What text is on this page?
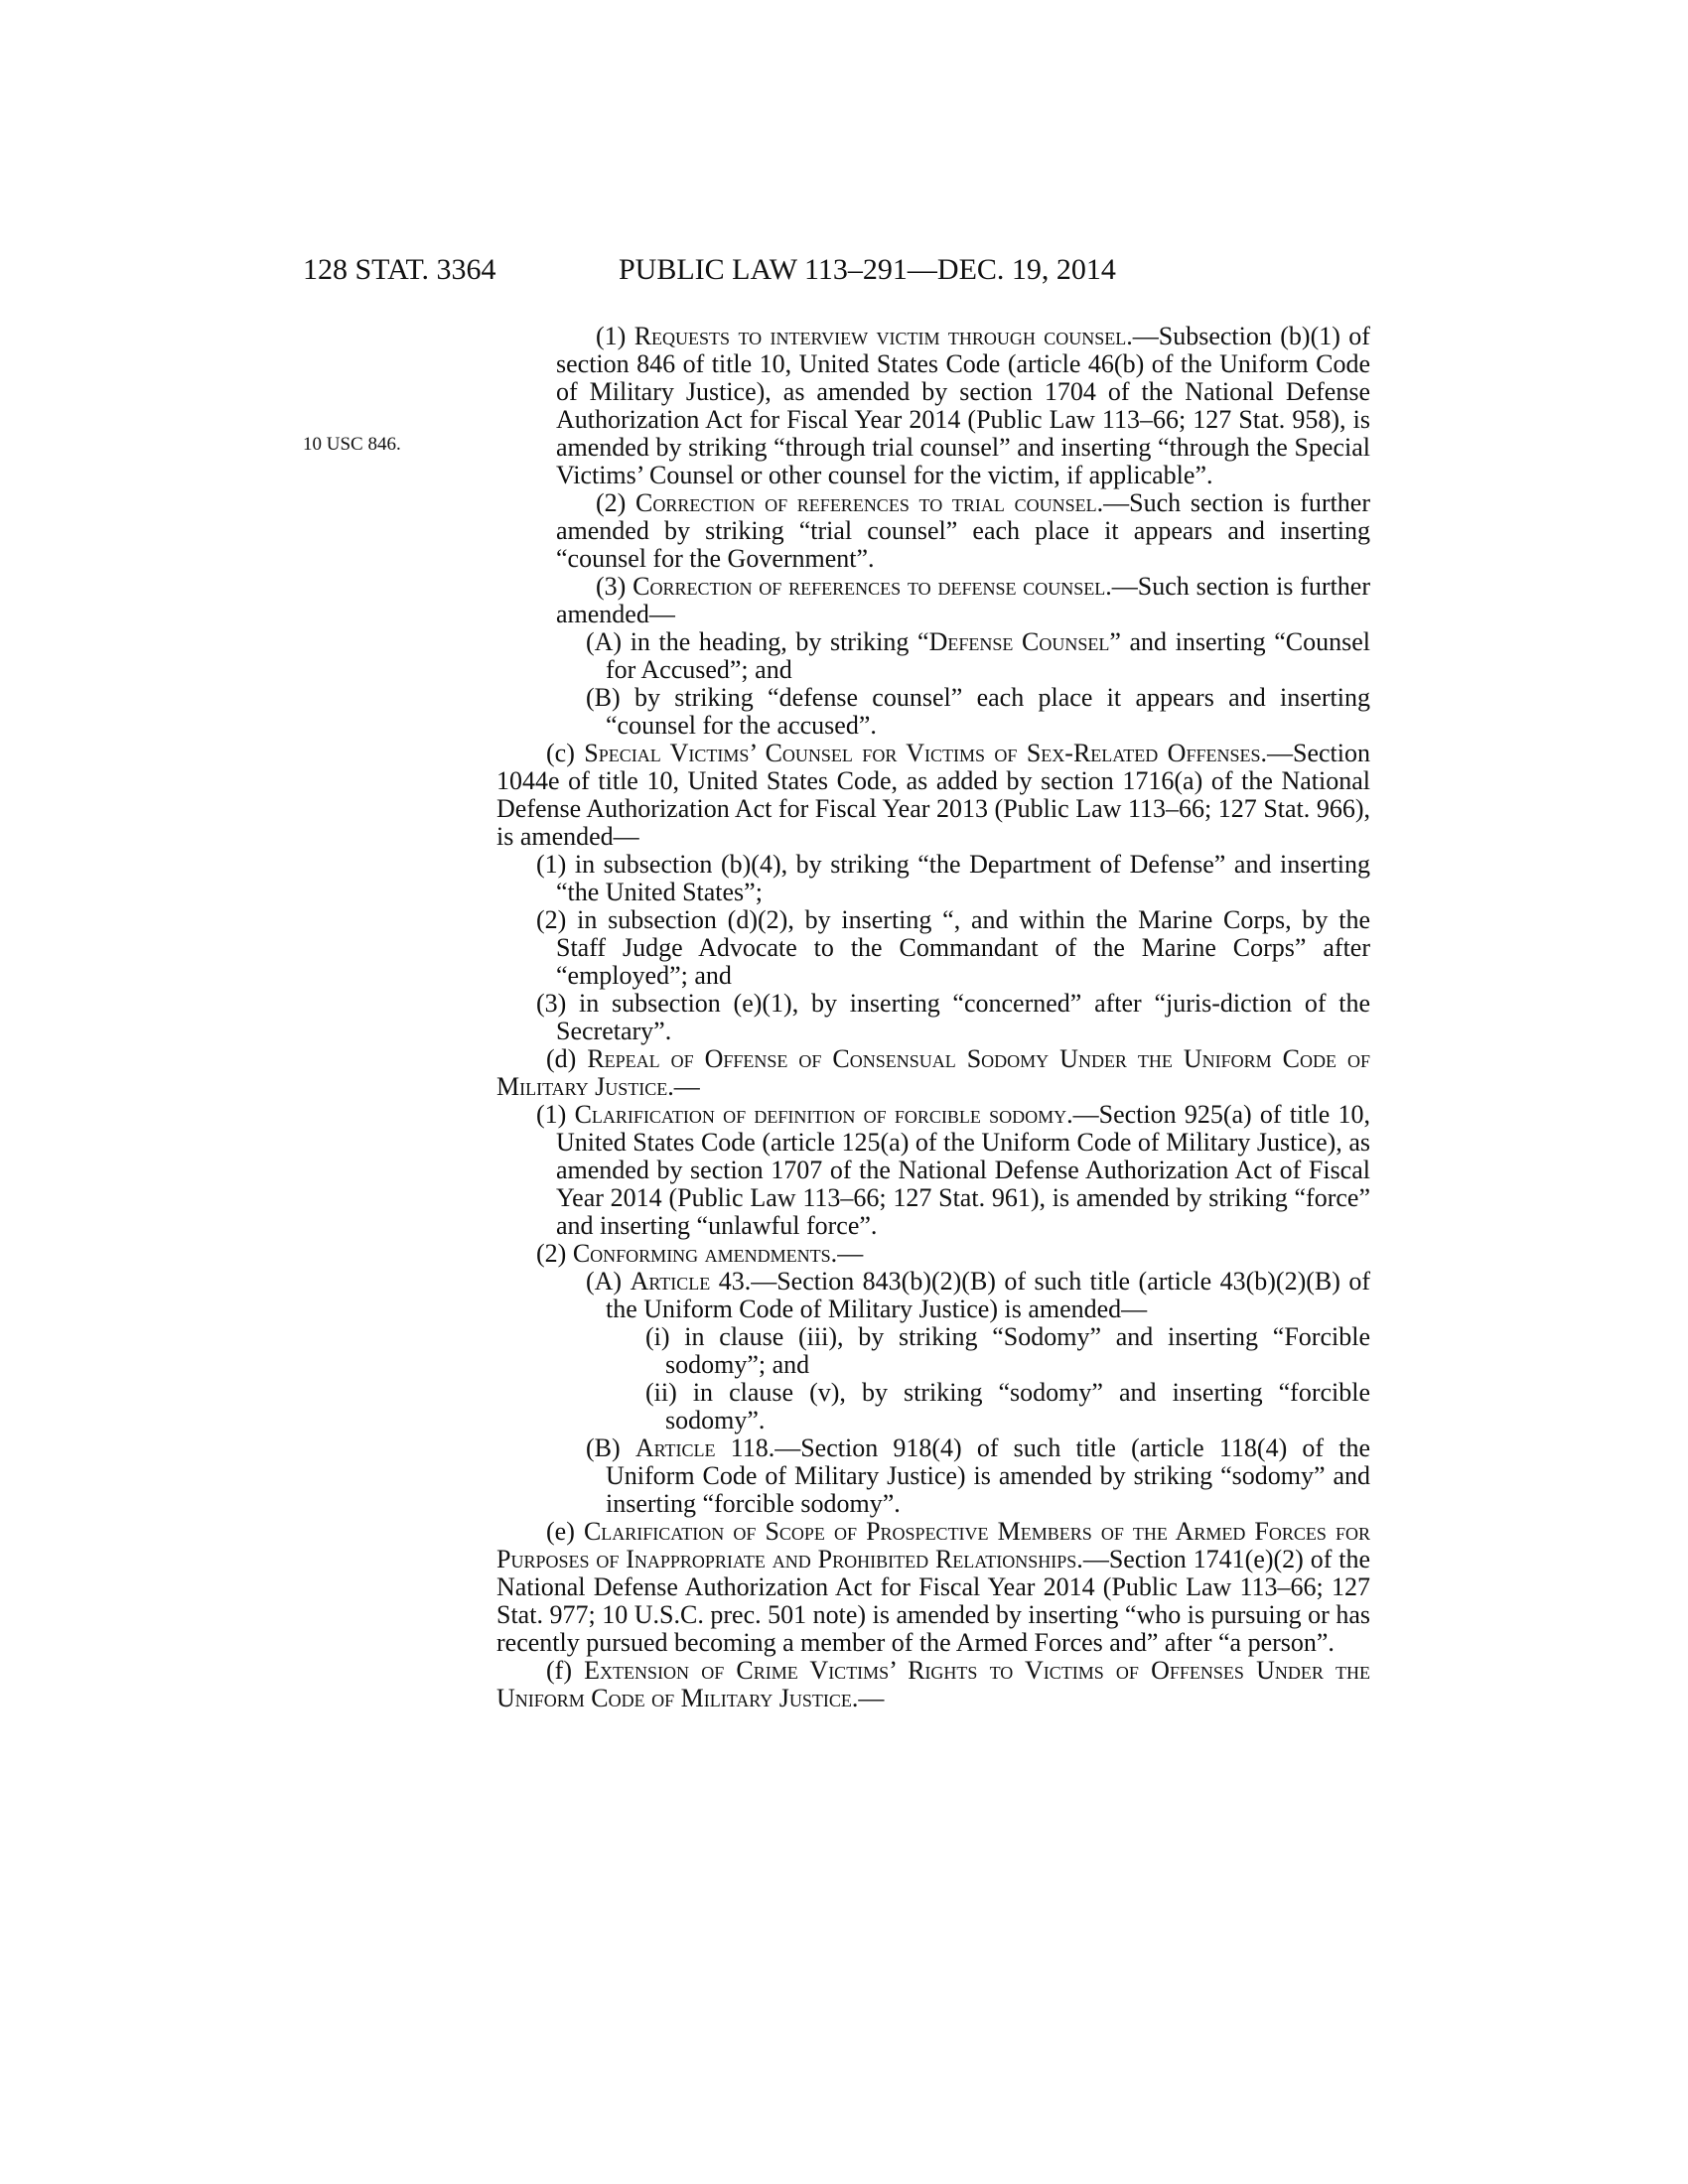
128 STAT. 3364	PUBLIC LAW 113–291—DEC. 19, 2014
10 USC 846.

(1) Requests to interview victim through counsel.—Subsection (b)(1) of section 846 of title 10, United States Code (article 46(b) of the Uniform Code of Military Justice), as amended by section 1704 of the National Defense Authorization Act for Fiscal Year 2014 (Public Law 113–66; 127 Stat. 958), is amended by striking “through trial counsel” and inserting “through the Special Victims’ Counsel or other counsel for the victim, if applicable”.

(2) Correction of references to trial counsel.—Such section is further amended by striking “trial counsel” each place it appears and inserting “counsel for the Government”.

(3) Correction of references to defense counsel.—Such section is further amended—

(A) in the heading, by striking “Defense Counsel” and inserting “Counsel for Accused”; and

(B) by striking “defense counsel” each place it appears and inserting “counsel for the accused”.

(c) Special Victims’ Counsel for Victims of Sex-Related Offenses.—Section 1044e of title 10, United States Code, as added by section 1716(a) of the National Defense Authorization Act for Fiscal Year 2013 (Public Law 113–66; 127 Stat. 966), is amended—

(1) in subsection (b)(4), by striking “the Department of Defense” and inserting “the United States”;

(2) in subsection (d)(2), by inserting “, and within the Marine Corps, by the Staff Judge Advocate to the Commandant of the Marine Corps” after “employed”; and

(3) in subsection (e)(1), by inserting “concerned” after “juris-diction of the Secretary”.

(d) Repeal of Offense of Consensual Sodomy Under the Uniform Code of Military Justice.—

(1) Clarification of definition of forcible sodomy.—Section 925(a) of title 10, United States Code (article 125(a) of the Uniform Code of Military Justice), as amended by section 1707 of the National Defense Authorization Act of Fiscal Year 2014 (Public Law 113–66; 127 Stat. 961), is amended by striking “force” and inserting “unlawful force”.

(2) Conforming amendments.—

(A) Article 43.—Section 843(b)(2)(B) of such title (article 43(b)(2)(B) of the Uniform Code of Military Justice) is amended—

(i) in clause (iii), by striking “Sodomy” and inserting “Forcible sodomy”; and

(ii) in clause (v), by striking “sodomy” and inserting “forcible sodomy”.

(B) Article 118.—Section 918(4) of such title (article 118(4) of the Uniform Code of Military Justice) is amended by striking “sodomy” and inserting “forcible sodomy”.

(e) Clarification of Scope of Prospective Members of the Armed Forces for Purposes of Inappropriate and Prohibited Relationships.—Section 1741(e)(2) of the National Defense Authorization Act for Fiscal Year 2014 (Public Law 113–66; 127 Stat. 977; 10 U.S.C. prec. 501 note) is amended by inserting “who is pursuing or has recently pursued becoming a member of the Armed Forces and” after “a person”.

(f) Extension of Crime Victims’ Rights to Victims of Offenses Under the Uniform Code of Military Justice.—
